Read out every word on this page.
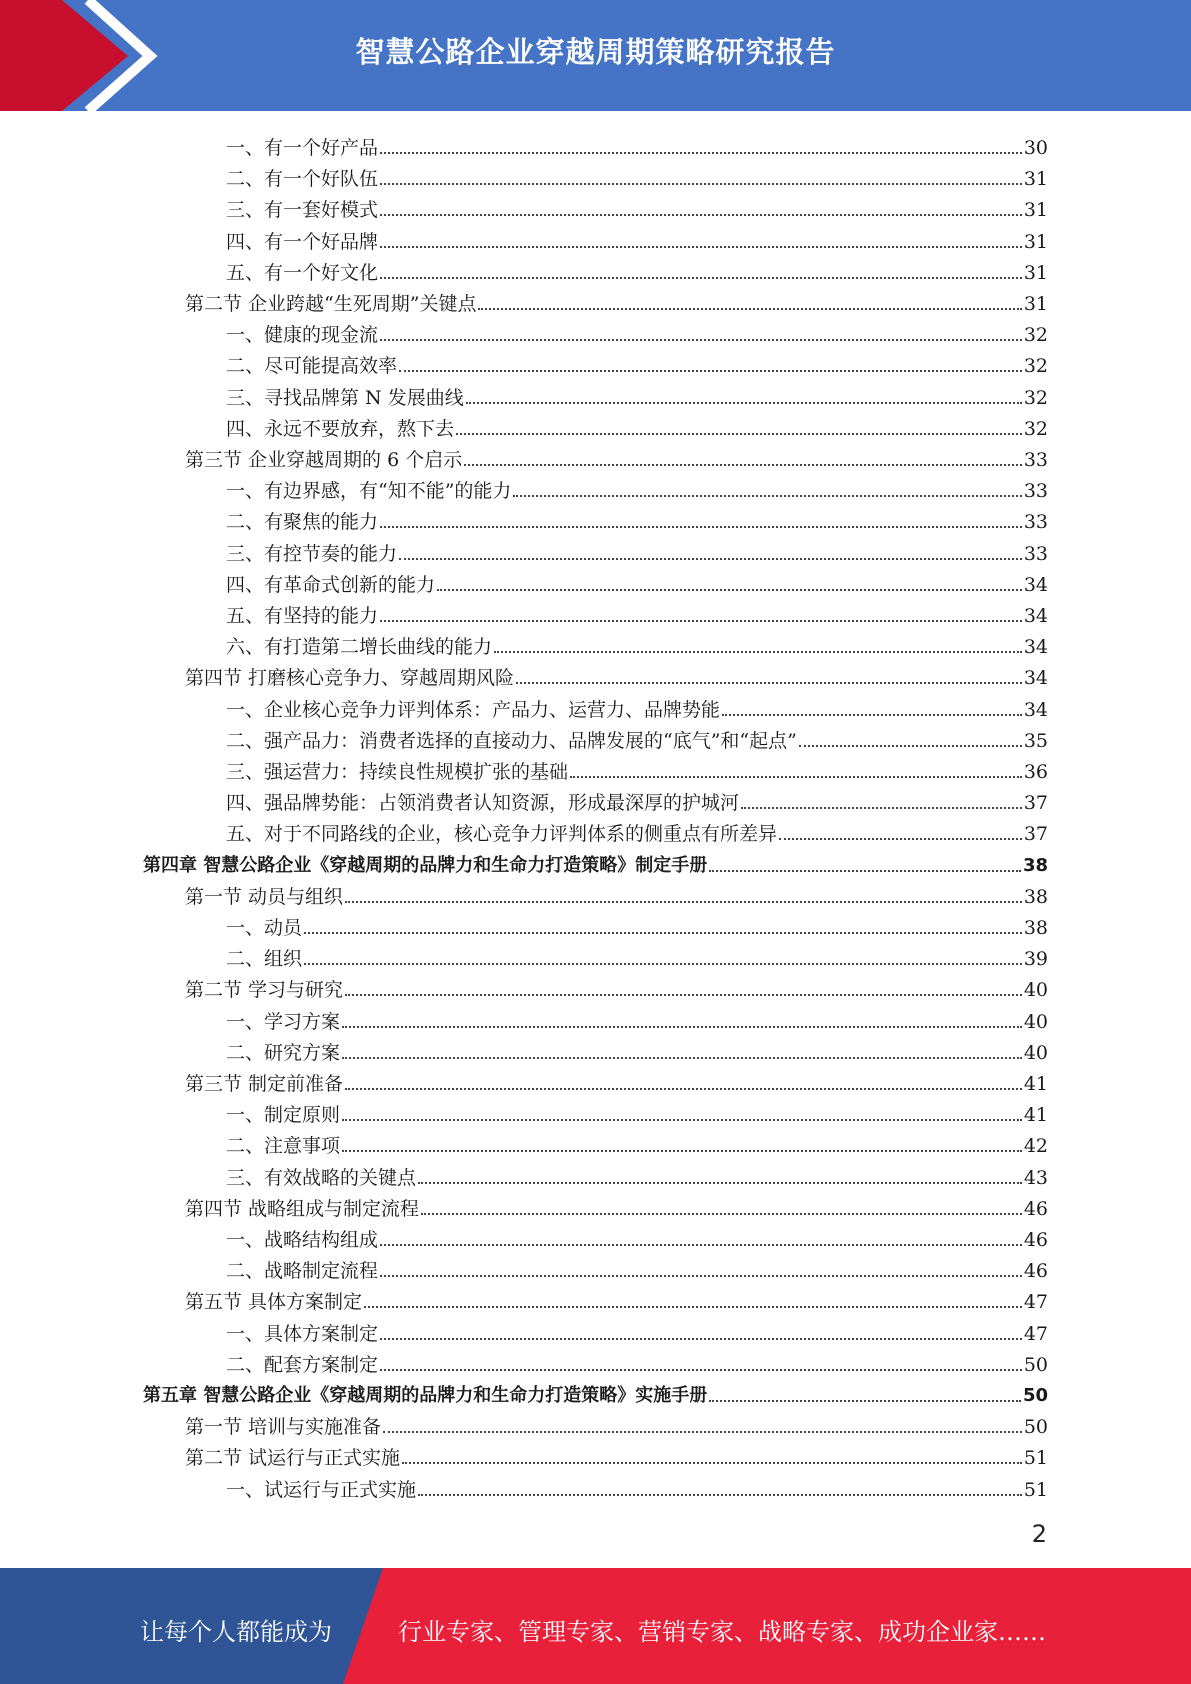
智慧公路企业穿越周期策略研究报告
一、有一个好产品	30
二、有一个好队伍	31
三、有一套好模式	31
四、有一个好品牌	31
五、有一个好文化	31
第二节 企业跨越“生死周期”关键点	31
一、健康的现金流	32
二、尽可能提高效率	32
三、寻找品牌第 N 发展曲线	32
四、永远不要放弃，熬下去	32
第三节 企业穿越周期的 6 个启示	33
一、有边界感，有“知不能”的能力	33
二、有聚焦的能力	33
三、有控节奏的能力	33
四、有革命式创新的能力	34
五、有坚持的能力	34
六、有打造第二增长曲线的能力	34
第四节 打磨核心竞争力、穿越周期风险	34
一、企业核心竞争力评判体系：产品力、运营力、品牌势能	34
二、强产品力：消费者选择的直接动力、品牌发展的“底气”和“起点”	35
三、强运营力：持续良性规模扩张的基础	36
四、强品牌势能：占领消费者认知资源，形成最深厚的护城河	37
五、对于不同路线的企业，核心竞争力评判体系的侧重点有所差异	37
第四章 智慧公路企业《穿越周期的品牌力和生命力打造策略》制定手册	38
第一节 动员与组织	38
一、动员	38
二、组织	39
第二节 学习与研究	40
一、学习方案	40
二、研究方案	40
第三节 制定前准备	41
一、制定原则	41
二、注意事项	42
三、有效战略的关键点	43
第四节 战略组成与制定流程	46
一、战略结构组成	46
二、战略制定流程	46
第五节 具体方案制定	47
一、具体方案制定	47
二、配套方案制定	50
第五章 智慧公路企业《穿越周期的品牌力和生命力打造策略》实施手册	50
第一节 培训与实施准备	50
第二节 试运行与正式实施	51
一、试运行与正式实施	51
2
让每个人都能成为	行业专家、管理专家、营销专家、战略专家、成功企业家……
